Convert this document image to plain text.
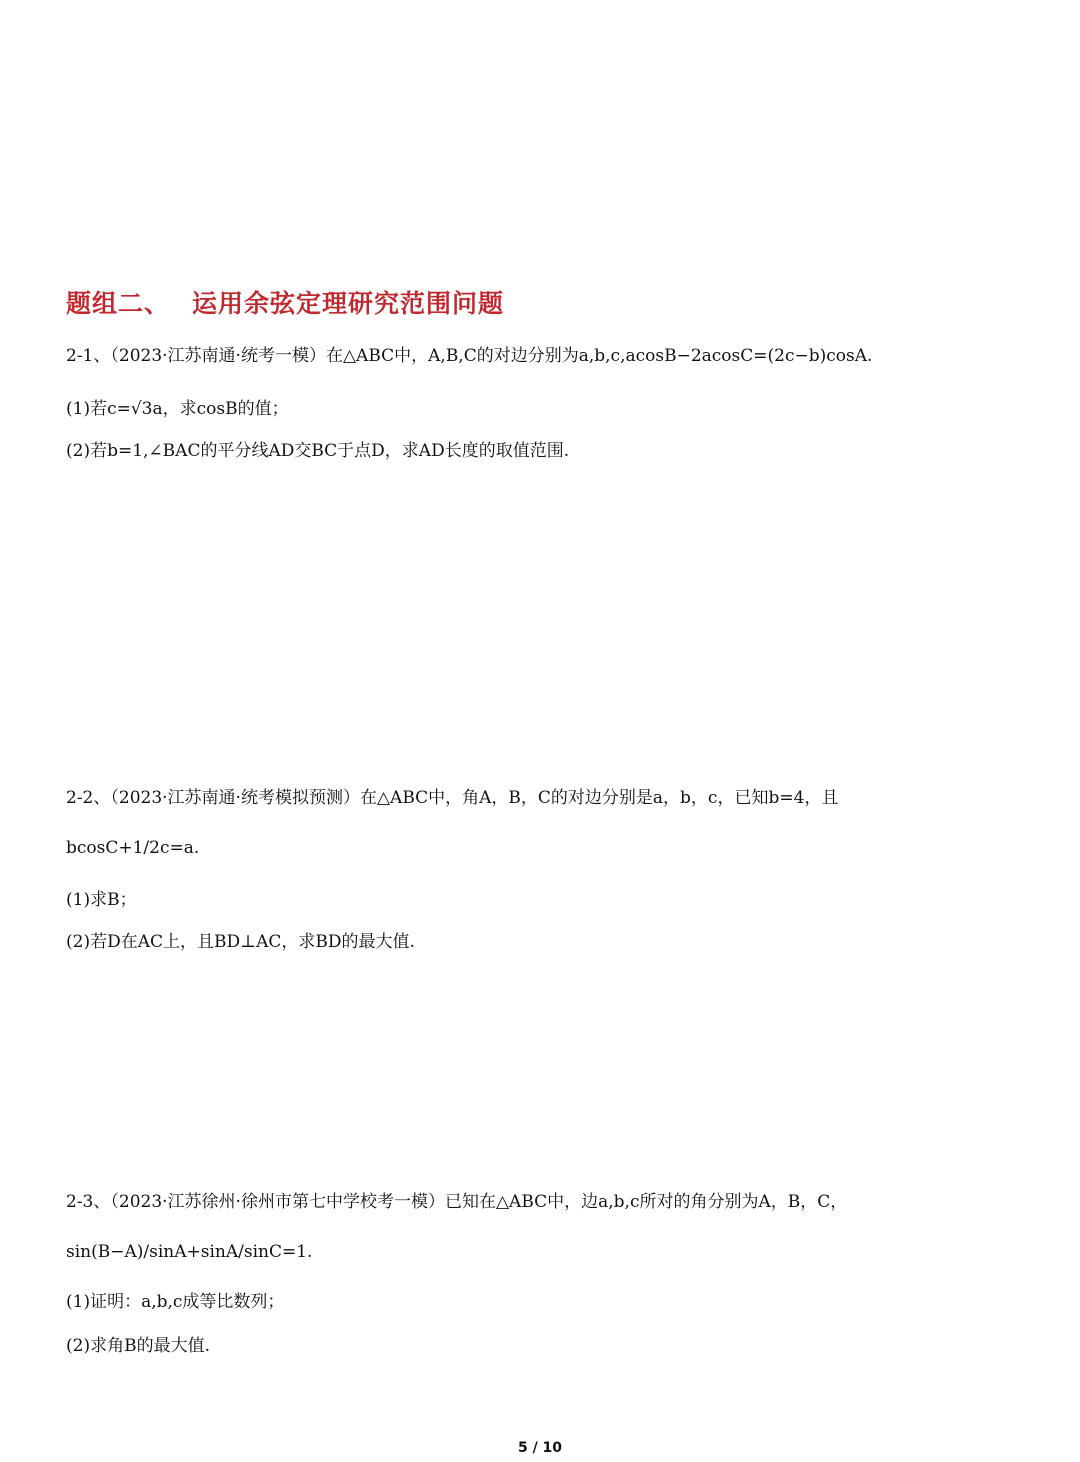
题组二、 运用余弦定理研究范围问题
2-1、（2023·江苏南通·统考一模）在△ABC中，A,B,C的对边分别为a,b,c,acosB−2acosC=(2c−b)cosA.
(1)若c=√3a，求cosB的值；
(2)若b=1,∠BAC的平分线AD交BC于点D，求AD长度的取值范围.
2-2、（2023·江苏南通·统考模拟预测）在△ABC中，角A，B，C的对边分别是a，b，c，已知b=4，且
bcosC+1/2c=a.
(1)求B；
(2)若D在AC上，且BD⊥AC，求BD的最大值.
2-3、（2023·江苏徐州·徐州市第七中学校考一模）已知在△ABC中，边a,b,c所对的角分别为A，B，C，
sin(B−A)/sinA+sinA/sinC=1.
(1)证明：a,b,c成等比数列；
(2)求角B的最大值.
5 / 10
